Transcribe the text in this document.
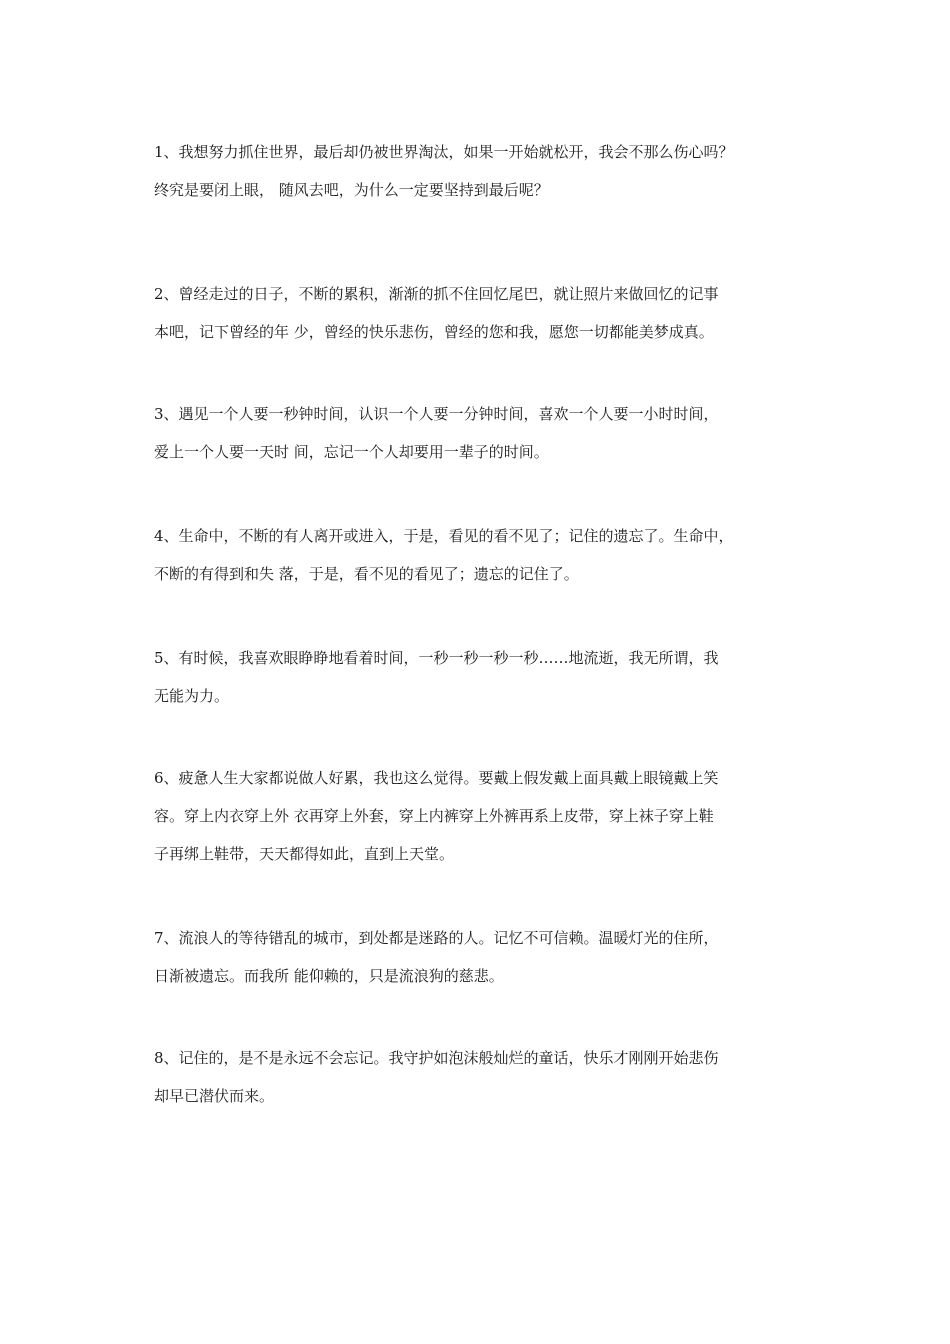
1、我想努力抓住世界，最后却仍被世界淘汰，如果一开始就松开，我会不那么伤心吗？
终究是要闭上眼， 随风去吧，为什么一定要坚持到最后呢？

2、曾经走过的日子，不断的累积，渐渐的抓不住回忆尾巴，就让照片来做回忆的记事
本吧，记下曾经的年 少，曾经的快乐悲伤，曾经的您和我，愿您一切都能美梦成真。

3、遇见一个人要一秒钟时间，认识一个人要一分钟时间，喜欢一个人要一小时时间，
爱上一个人要一天时 间，忘记一个人却要用一辈子的时间。

4、生命中，不断的有人离开或进入，于是，看见的看不见了；记住的遗忘了。生命中，
不断的有得到和失 落，于是，看不见的看见了；遗忘的记住了。

5、有时候，我喜欢眼睁睁地看着时间，一秒一秒一秒一秒……地流逝，我无所谓，我
无能为力。

6、疲惫人生大家都说做人好累，我也这么觉得。要戴上假发戴上面具戴上眼镜戴上笑
容。穿上内衣穿上外 衣再穿上外套，穿上内裤穿上外裤再系上皮带，穿上袜子穿上鞋
子再绑上鞋带，天天都得如此，直到上天堂。

7、流浪人的等待错乱的城市，到处都是迷路的人。记忆不可信赖。温暖灯光的住所，
日渐被遗忘。而我所 能仰赖的，只是流浪狗的慈悲。

8、记住的，是不是永远不会忘记。我守护如泡沫般灿烂的童话，快乐才刚刚开始悲伤
却早已潜伏而来。
